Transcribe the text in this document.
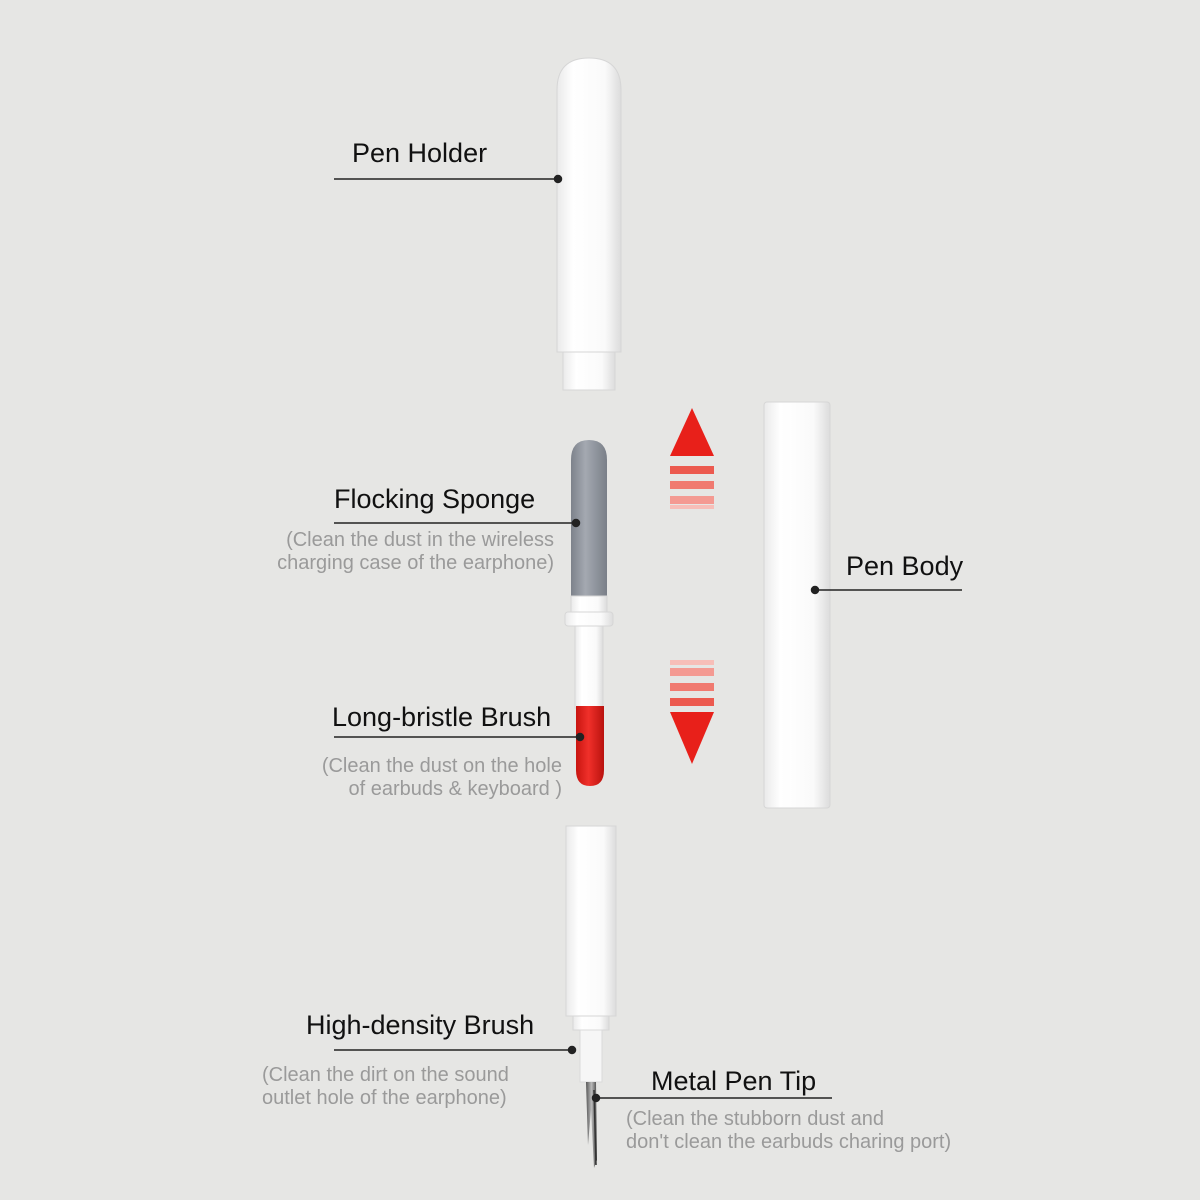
Pen Holder
Flocking Sponge
(Clean the dust in the wireless
charging case of the earphone)	Pen Body
Long-bristle Brush
(Clean the dust on the hole
of earbuds & keyboard )
High-density Brush
(Clean the dirt on the sound
outlet hole of the earphone)
Metal Pen Tip
(Clean the stubborn dust and
don't clean the earbuds charing port)
